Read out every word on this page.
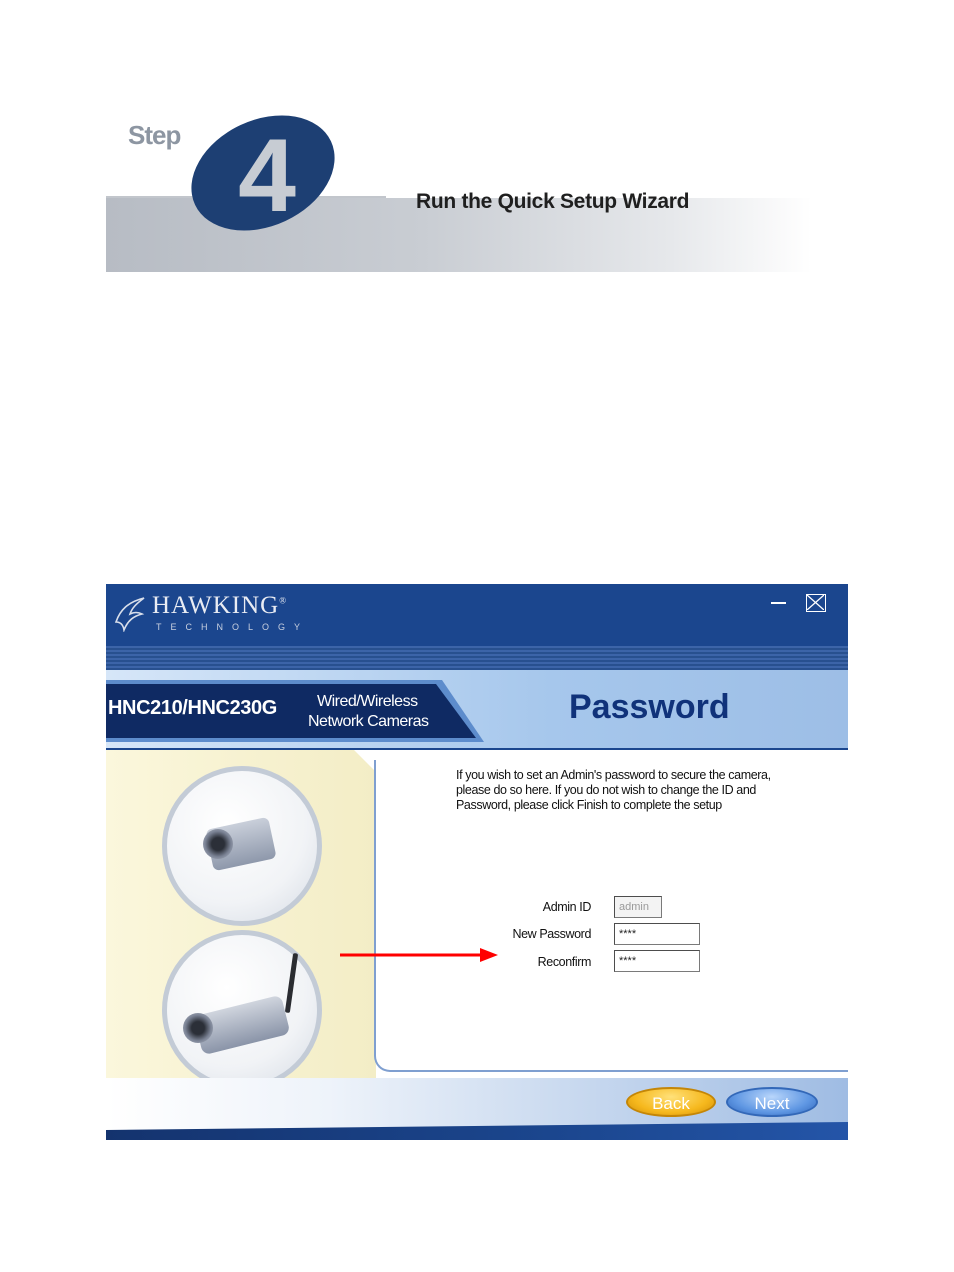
Step 4	Run the Quick Setup Wizard
HAWKING®
TECHNOLOGY
HNC210/HNC230G	Wired/Wireless
Network Cameras	Password
If you wish to set an Admin's password to secure the camera,
please do so here. If you do not wish to change the ID and
Password, please click Finish to complete the setup
Admin ID
admin
New Password
****
Reconfirm
****
Back	Next
